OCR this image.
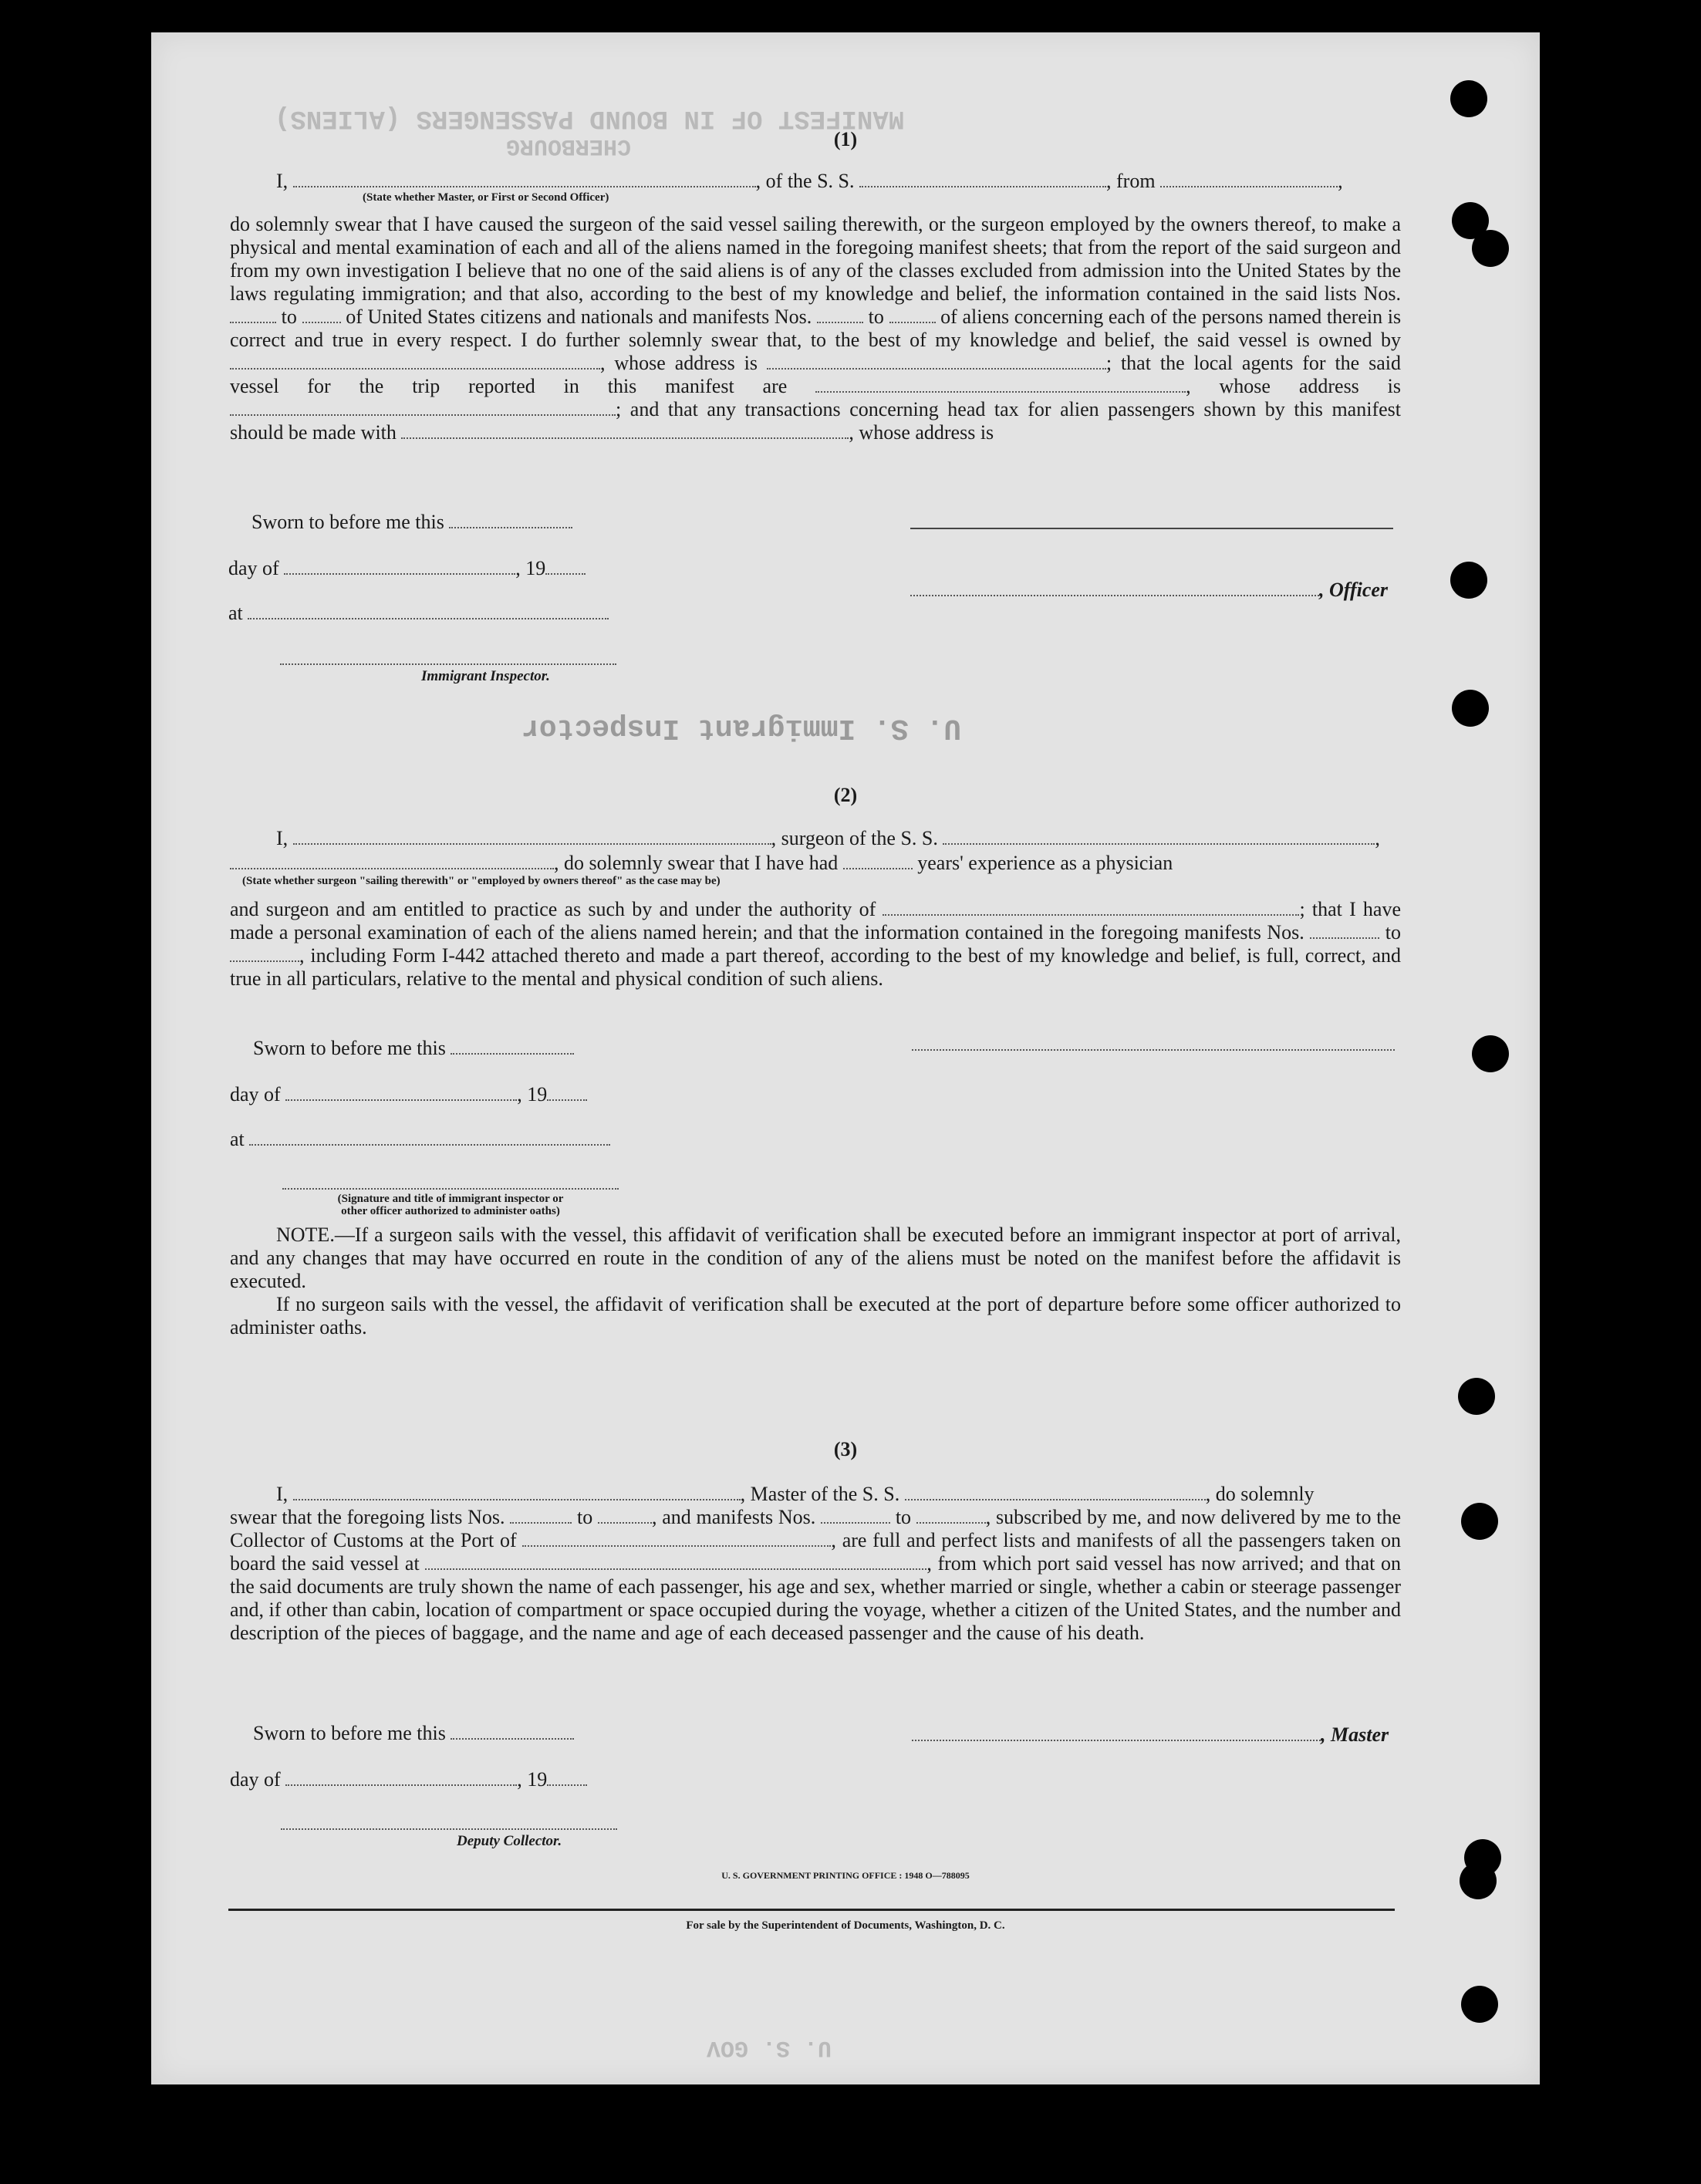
MANIFEST OF IN BOUND PASSENGERS (ALIENS)
CHERBOURG
U. S. Immigrant Inspector
U. S. GOV
(1)
I,	, of the S. S.	, from	,
(State whether Master, or First or Second Officer)
do solemnly swear that I have caused the surgeon of the said vessel sailing therewith, or the surgeon employed by the owners thereof, to make a physical and mental examination of each and all of the aliens named in the foregoing manifest sheets; that from the report of the said surgeon and from my own investigation I believe that no one of the said aliens is of any of the classes excluded from admission into the United States by the laws regulating immigration; and that also, according to the best of my knowledge and belief, the information contained in the said lists Nos.  to of United States citizens and nationals and manifests Nos.	to	of aliens concerning each of the persons named therein is correct and true in every respect. I do further solemnly swear that, to the best of my knowledge and belief, the said vessel is owned by , whose address is	; that the local agents for the said vessel for the trip reported in this manifest are	, whose address is ; and that any transactions concerning head tax for alien passengers shown by this manifest should be made with	, whose address is
Sworn to before me this
day of	, 19
at
Immigrant Inspector.
, Officer
(2)
I,	, surgeon of the S. S.	,
, do solemnly swear that I have had	years' experience as a physician
(State whether surgeon "sailing therewith" or "employed by owners thereof" as the case may be)
and surgeon and am entitled to practice as such by and under the authority of	; that I have made a personal examination of each of the aliens named herein; and that the information contained in the foregoing manifests Nos.	to , including Form I-442 attached thereto and made a part thereof, according to the best of my knowledge and belief, is full, correct, and true in all particulars, relative to the mental and physical condition of such aliens.
Sworn to before me this
day of	, 19
at
(Signature and title of immigrant inspector or
other officer authorized to administer oaths)
NOTE.—If a surgeon sails with the vessel, this affidavit of verification shall be executed before an immigrant inspector at port of arrival, and any changes that may have occurred en route in the condition of any of the aliens must be noted on the manifest before the affidavit is executed.
If no surgeon sails with the vessel, the affidavit of verification shall be executed at the port of departure before some officer authorized to administer oaths.
(3)
I,	, Master of the S. S.	, do solemnly
swear that the foregoing lists Nos.	to	, and manifests Nos.	to	, subscribed by me, and now delivered by me to the Collector of Customs at the Port of	, are full and perfect lists and manifests of all the passengers taken on board the said vessel at	, from which port said vessel has now arrived; and that on the said documents are truly shown the name of each passenger, his age and sex, whether married or single, whether a cabin or steerage passenger and, if other than cabin, location of compartment or space occupied during the voyage, whether a citizen of the United States, and the number and description of the pieces of baggage, and the name and age of each deceased passenger and the cause of his death.
Sworn to before me this	, Master
day of	, 19
Deputy Collector.
U. S. GOVERNMENT PRINTING OFFICE : 1948 O—788095
For sale by the Superintendent of Documents, Washington, D. C.
